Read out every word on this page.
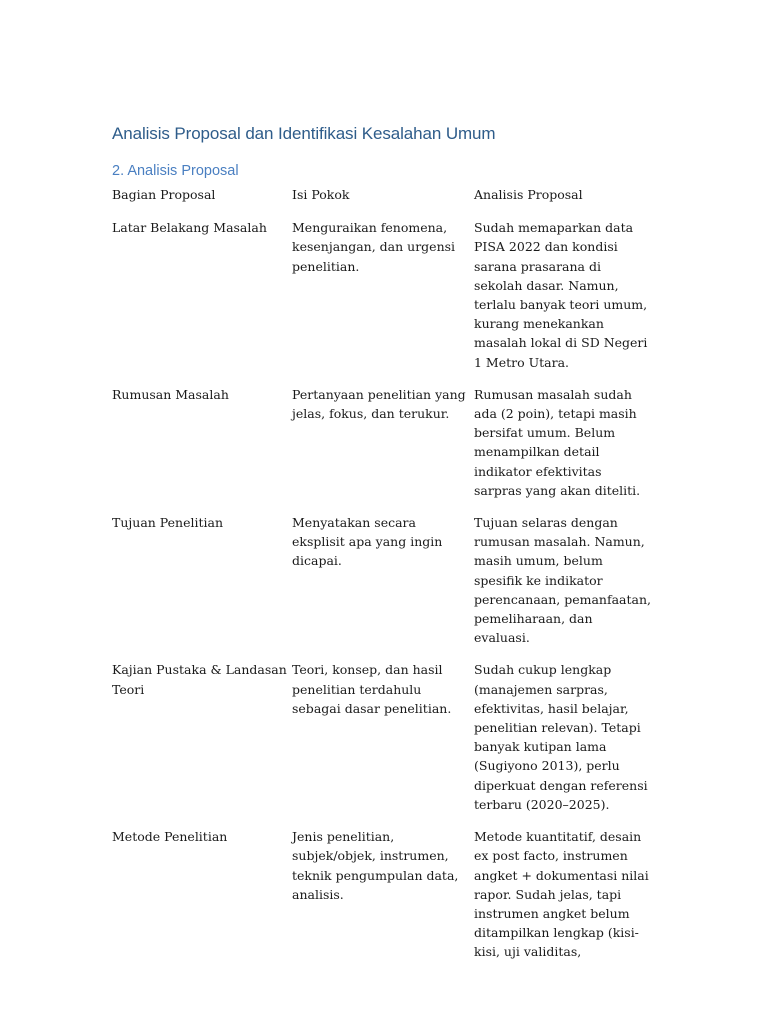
Analisis Proposal dan Identifikasi Kesalahan Umum
2. Analisis Proposal
Bagian Proposal	Isi Pokok	Analisis Proposal
Latar Belakang Masalah	Menguraikan fenomena, kesenjangan, dan urgensi penelitian.	Sudah memaparkan data PISA 2022 dan kondisi sarana prasarana di sekolah dasar. Namun, terlalu banyak teori umum, kurang menekankan masalah lokal di SD Negeri 1 Metro Utara.
Rumusan Masalah	Pertanyaan penelitian yang jelas, fokus, dan terukur.	Rumusan masalah sudah ada (2 poin), tetapi masih bersifat umum. Belum menampilkan detail indikator efektivitas sarpras yang akan diteliti.
Tujuan Penelitian	Menyatakan secara eksplisit apa yang ingin dicapai.	Tujuan selaras dengan rumusan masalah. Namun, masih umum, belum spesifik ke indikator perencanaan, pemanfaatan, pemeliharaan, dan evaluasi.
Kajian Pustaka & Landasan Teori	Teori, konsep, dan hasil penelitian terdahulu sebagai dasar penelitian.	Sudah cukup lengkap (manajemen sarpras, efektivitas, hasil belajar, penelitian relevan). Tetapi banyak kutipan lama (Sugiyono 2013), perlu diperkuat dengan referensi terbaru (2020–2025).
Metode Penelitian	Jenis penelitian, subjek/objek, instrumen, teknik pengumpulan data, analisis.	Metode kuantitatif, desain ex post facto, instrumen angket + dokumentasi nilai rapor. Sudah jelas, tapi instrumen angket belum ditampilkan lengkap (kisi-kisi, uji validitas,
